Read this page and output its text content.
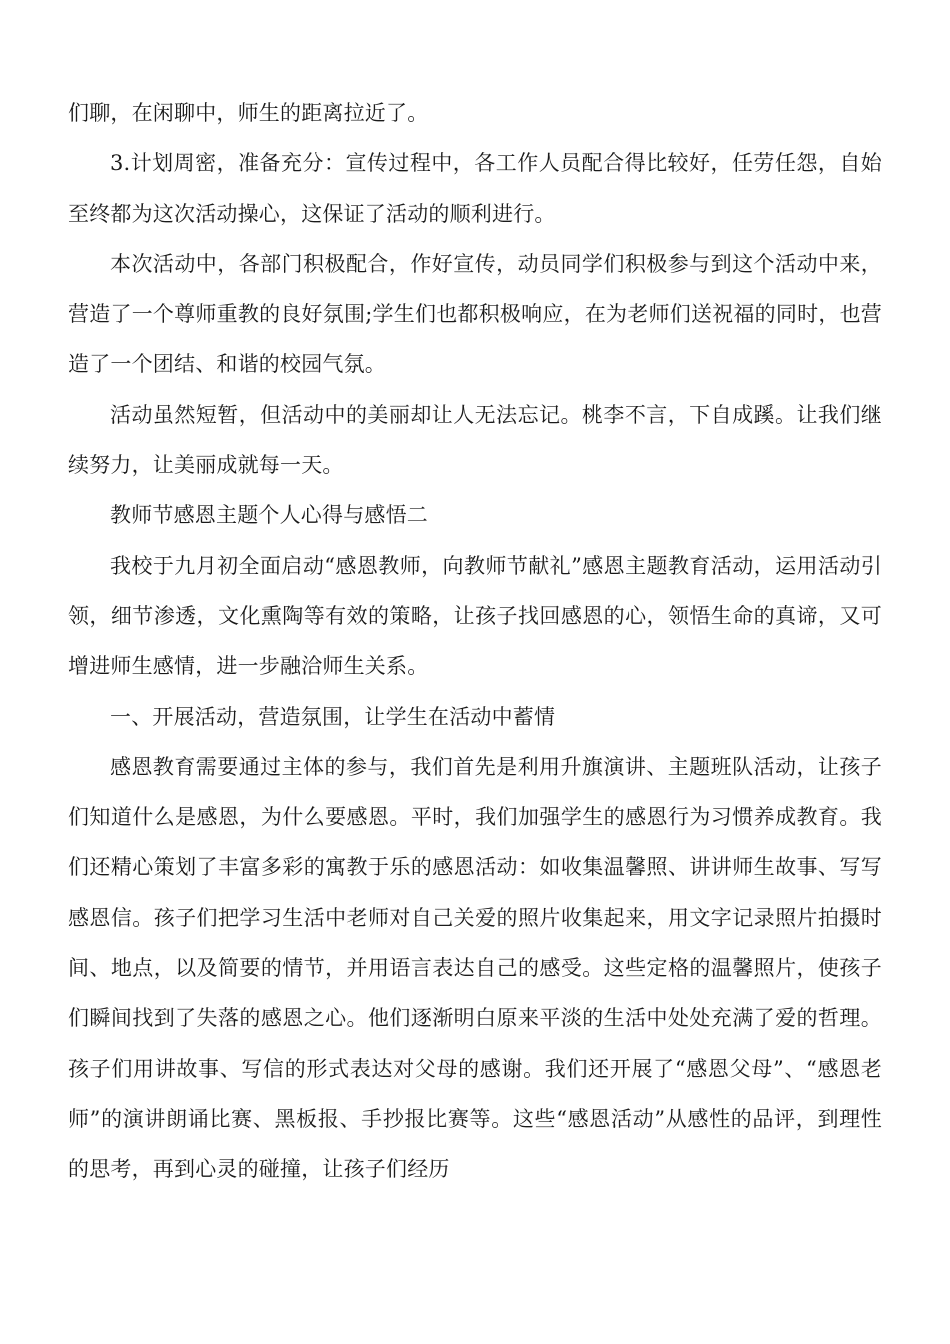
们聊，在闲聊中，师生的距离拉近了。

3.计划周密，准备充分：宣传过程中，各工作人员配合得比较好，任劳任怨，自始至终都为这次活动操心，这保证了活动的顺利进行。

本次活动中，各部门积极配合，作好宣传，动员同学们积极参与到这个活动中来，营造了一个尊师重教的良好氛围;学生们也都积极响应，在为老师们送祝福的同时，也营造了一个团结、和谐的校园气氛。

活动虽然短暂，但活动中的美丽却让人无法忘记。桃李不言，下自成蹊。让我们继续努力，让美丽成就每一天。

教师节感恩主题个人心得与感悟二

我校于九月初全面启动“感恩教师，向教师节献礼”感恩主题教育活动，运用活动引领，细节渗透，文化熏陶等有效的策略，让孩子找回感恩的心，领悟生命的真谛，又可增进师生感情，进一步融洽师生关系。

一、开展活动，营造氛围，让学生在活动中蓄情

感恩教育需要通过主体的参与，我们首先是利用升旗演讲、主题班队活动，让孩子们知道什么是感恩，为什么要感恩。平时，我们加强学生的感恩行为习惯养成教育。我们还精心策划了丰富多彩的寓教于乐的感恩活动：如收集温馨照、讲讲师生故事、写写感恩信。孩子们把学习生活中老师对自己关爱的照片收集起来，用文字记录照片拍摄时间、地点，以及简要的情节，并用语言表达自己的感受。这些定格的温馨照片，使孩子们瞬间找到了失落的感恩之心。他们逐渐明白原来平淡的生活中处处充满了爱的哲理。孩子们用讲故事、写信的形式表达对父母的感谢。我们还开展了“感恩父母”、“感恩老师”的演讲朗诵比赛、黑板报、手抄报比赛等。这些“感恩活动”从感性的品评，到理性的思考，再到心灵的碰撞，让孩子们经历
